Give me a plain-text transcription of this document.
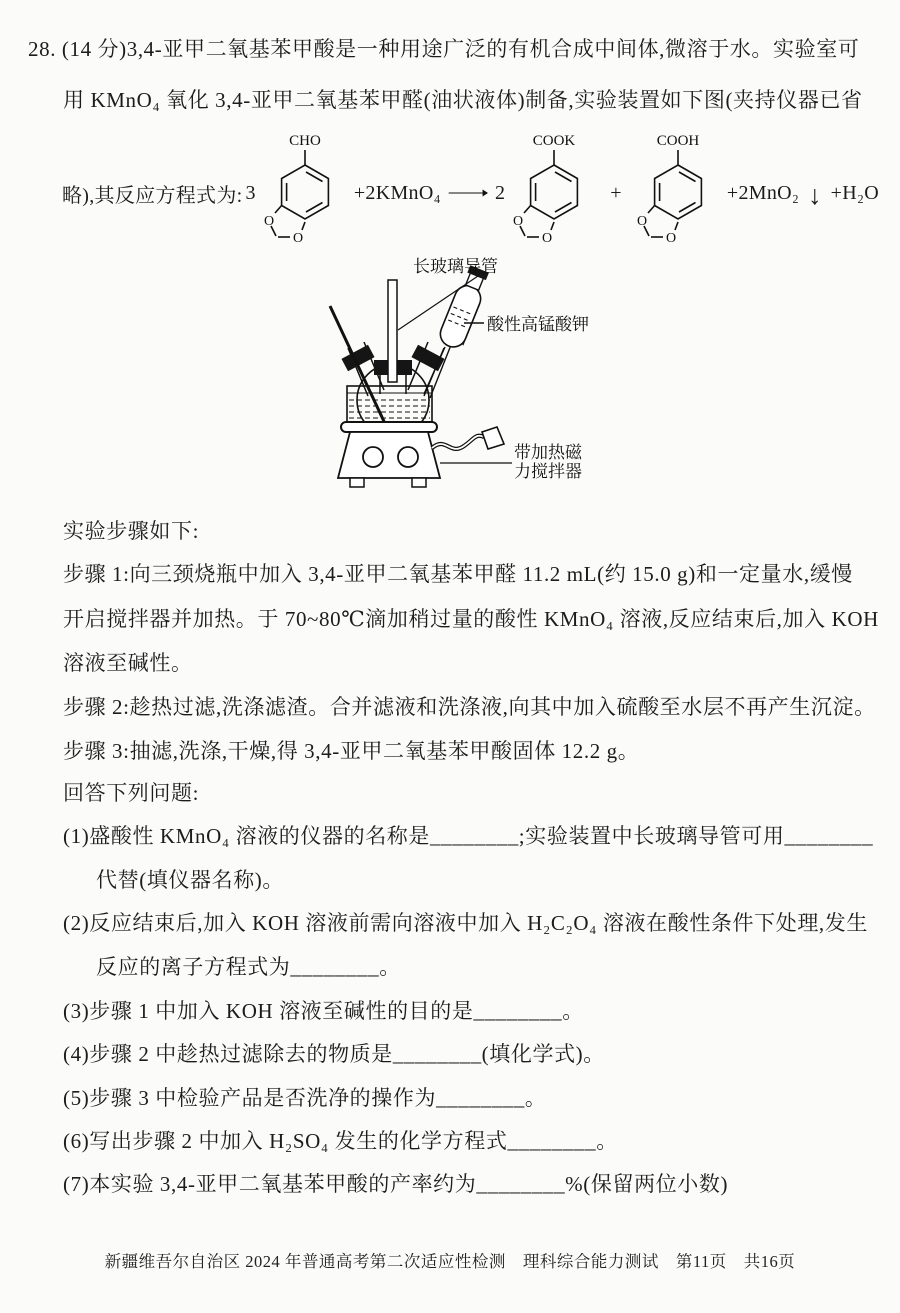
28. (14 分)3,4-亚甲二氧基苯甲酸是一种用途广泛的有机合成中间体,微溶于水。实验室可
用 KMnO₄ 氧化 3,4-亚甲二氧基苯甲醛(油状液体)制备,实验装置如下图(夹持仪器已省
略),其反应方程式为: 3
CHO
O
O
+2KMnO₄ → 2
COOK
O
O
+
COOH
O
O
+2MnO₂ ↓ +H₂O
长玻璃导管
酸性高锰酸钾
带加热磁
力搅拌器
实验步骤如下:
步骤 1:向三颈烧瓶中加入 3,4-亚甲二氧基苯甲醛 11.2 mL(约 15.0 g)和一定量水,缓慢
开启搅拌器并加热。于 70~80℃滴加稍过量的酸性 KMnO₄ 溶液,反应结束后,加入 KOH
溶液至碱性。
步骤 2:趁热过滤,洗涤滤渣。合并滤液和洗涤液,向其中加入硫酸至水层不再产生沉淀。
步骤 3:抽滤,洗涤,干燥,得 3,4-亚甲二氧基苯甲酸固体 12.2 g。
回答下列问题:
(1)盛酸性 KMnO₄ 溶液的仪器的名称是________;实验装置中长玻璃导管可用________
代替(填仪器名称)。
(2)反应结束后,加入 KOH 溶液前需向溶液中加入 H₂C₂O₄ 溶液在酸性条件下处理,发生
反应的离子方程式为________。
(3)步骤 1 中加入 KOH 溶液至碱性的目的是________。
(4)步骤 2 中趁热过滤除去的物质是________(填化学式)。
(5)步骤 3 中检验产品是否洗净的操作为________。
(6)写出步骤 2 中加入 H₂SO₄ 发生的化学方程式________。
(7)本实验 3,4-亚甲二氧基苯甲酸的产率约为________%(保留两位小数)
新疆维吾尔自治区 2024 年普通高考第二次适应性检测　理科综合能力测试　第11页　共16页
